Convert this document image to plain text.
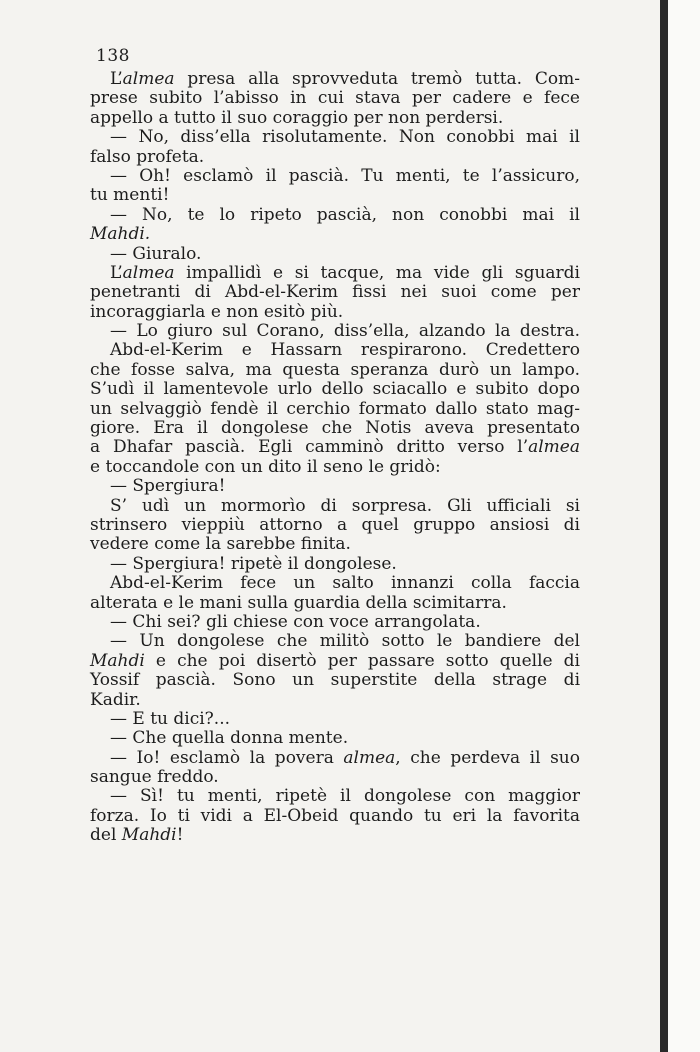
138

L’almea presa alla sprovveduta tremò tutta. Com-
prese subito l’abisso in cui stava per cadere e fece
appello a tutto il suo coraggio per non perdersi.
— No, diss’ella risolutamente. Non conobbi mai il
falso profeta.
— Oh! esclamò il pascià. Tu menti, te l’assicuro,
tu menti!
— No, te lo ripeto pascià, non conobbi mai il
Mahdi.
— Giuralo.
L’almea impallidì e si tacque, ma vide gli sguardi
penetranti di Abd-el-Kerim fissi nei suoi come per
incoraggiarla e non esitò più.
— Lo giuro sul Corano, diss’ella, alzando la destra.
Abd-el-Kerim e Hassarn respirarono. Credettero
che fosse salva, ma questa speranza durò un lampo.
S’udì il lamentevole urlo dello sciacallo e subito dopo
un selvaggiò fendè il cerchio formato dallo stato mag-
giore. Era il dongolese che Notis aveva presentato
a Dhafar pascià. Egli camminò dritto verso l’almea
e toccandole con un dito il seno le gridò:
— Spergiura!
S’ udì un mormorìo di sorpresa. Gli ufficiali si
strinsero vieppiù attorno a quel gruppo ansiosi di
vedere come la sarebbe finita.
— Spergiura! ripetè il dongolese.
Abd-el-Kerim fece un salto innanzi colla faccia
alterata e le mani sulla guardia della scimitarra.
— Chi sei? gli chiese con voce arrangolata.
— Un dongolese che militò sotto le bandiere del
Mahdi e che poi disertò per passare sotto quelle di
Yossif pascià. Sono un superstite della strage di
Kadir.
— E tu dici?...
— Che quella donna mente.
— Io! esclamò la povera almea, che perdeva il suo
sangue freddo.
— Sì! tu menti, ripetè il dongolese con maggior
forza. Io ti vidi a El-Obeid quando tu eri la favorita
del Mahdi!
